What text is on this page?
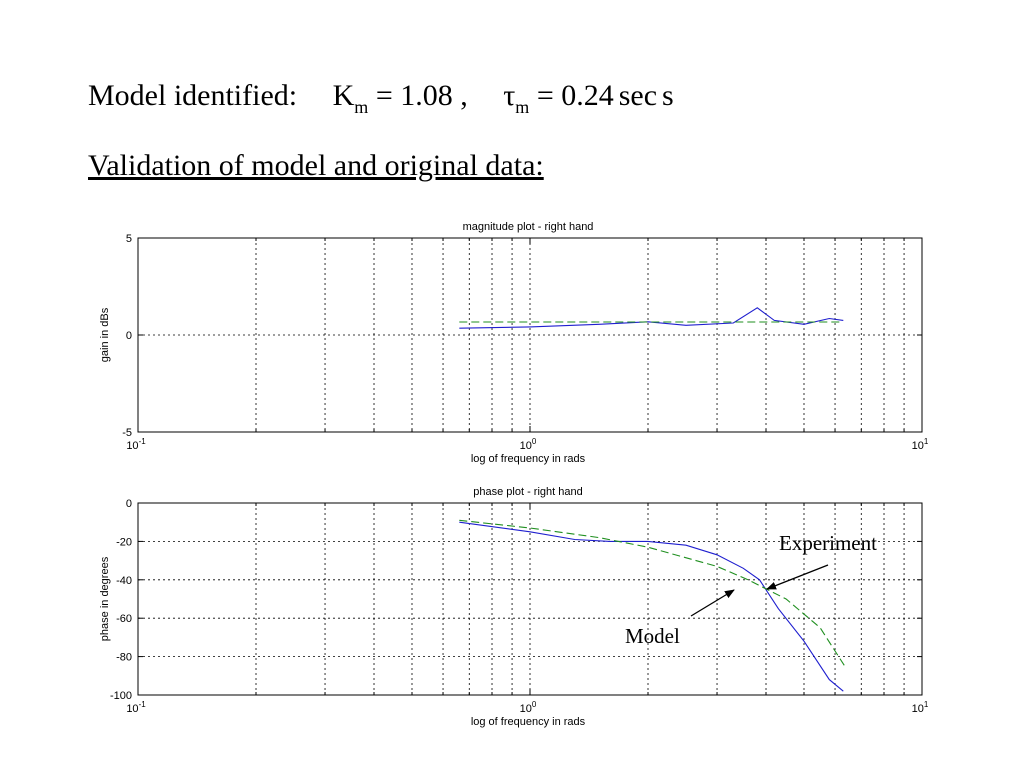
Model identified: $K_m = 1.08$ , $\tau_m = 0.24$ sec s
Validation of model and original data:
5
0
-5
$10^{-1}$	$10^0$	$10^1$
magnitude plot - right hand
log of frequency in rads
gain in dBs
0
-20
-40
-60
-80
-100
$10^{-1}$	$10^0$	$10^1$
phase plot - right hand
log of frequency in rads
phase in degrees
Experiment
Model
